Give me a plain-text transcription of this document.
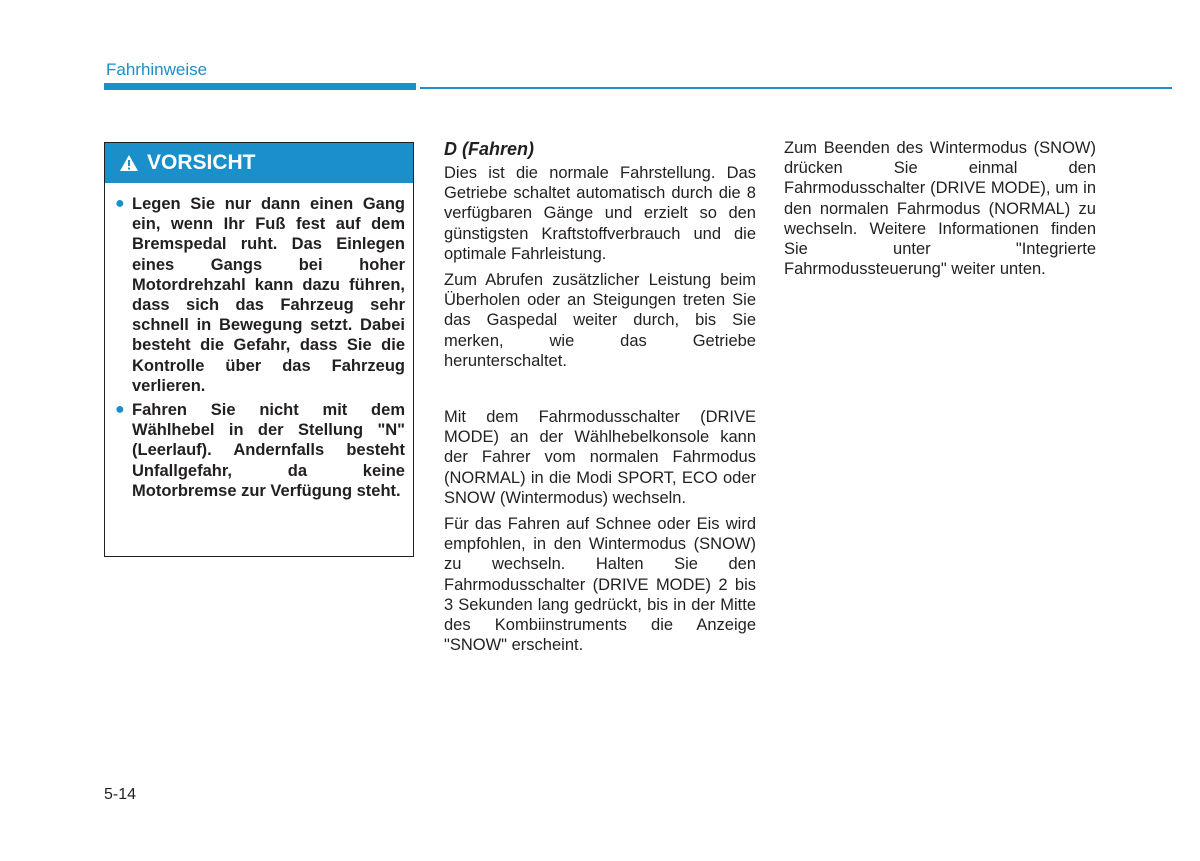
Fahrhinweise
VORSICHT
● Legen Sie nur dann einen Gang ein, wenn Ihr Fuß fest auf dem Bremspedal ruht. Das Einlegen eines Gangs bei hoher Motordrehzahl kann dazu führen, dass sich das Fahrzeug sehr schnell in Bewegung setzt. Dabei besteht die Gefahr, dass Sie die Kontrolle über das Fahrzeug verlieren.
● Fahren Sie nicht mit dem Wählhebel in der Stellung "N" (Leerlauf). Andernfalls besteht Unfallgefahr, da keine Motorbremse zur Verfügung steht.
D (Fahren)

Dies ist die normale Fahrstellung. Das Getriebe schaltet automatisch durch die 8 verfügbaren Gänge und erzielt so den günstigsten Kraftstoffverbrauch und die optimale Fahrleistung.

Zum Abrufen zusätzlicher Leistung beim Überholen oder an Steigungen treten Sie das Gaspedal weiter durch, bis Sie merken, wie das Getriebe herunterschaltet.

Mit dem Fahrmodusschalter (DRIVE MODE) an der Wählhebelkonsole kann der Fahrer vom normalen Fahrmodus (NORMAL) in die Modi SPORT, ECO oder SNOW (Wintermodus) wechseln.

Für das Fahren auf Schnee oder Eis wird empfohlen, in den Wintermodus (SNOW) zu wechseln. Halten Sie den Fahrmodusschalter (DRIVE MODE) 2 bis 3 Sekunden lang gedrückt, bis in der Mitte des Kombiinstruments die Anzeige "SNOW" erscheint.

Zum Beenden des Wintermodus (SNOW) drücken Sie einmal den Fahrmodusschalter (DRIVE MODE), um in den normalen Fahrmodus (NORMAL) zu wechseln. Weitere Informationen finden Sie unter "Integrierte Fahrmodussteuerung" weiter unten.

5-14
